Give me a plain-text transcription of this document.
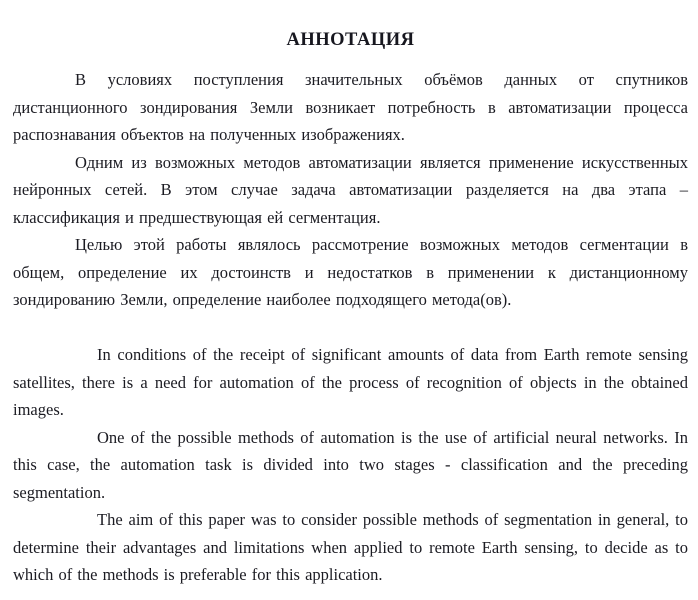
АННОТАЦИЯ

В условиях поступления значительных объёмов данных от спутников дистанционного зондирования Земли возникает потребность в автоматизации процесса распознавания объектов на полученных изображениях.

Одним из возможных методов автоматизации является применение искусственных нейронных сетей. В этом случае задача автоматизации разделяется на два этапа – классификация и предшествующая ей сегментация.

Целью этой работы являлось рассмотрение возможных методов сегментации в общем, определение их достоинств и недостатков в применении к дистанционному зондированию Земли, определение наиболее подходящего метода(ов).

In conditions of the receipt of significant amounts of data from Earth remote sensing satellites, there is a need for automation of the process of recognition of objects in the obtained images.

One of the possible methods of automation is the use of artificial neural networks. In this case, the automation task is divided into two stages - classification and the preceding segmentation.

The aim of this paper was to consider possible methods of segmentation in general, to determine their advantages and limitations when applied to remote Earth sensing, to decide as to which of the methods is preferable for this application.
